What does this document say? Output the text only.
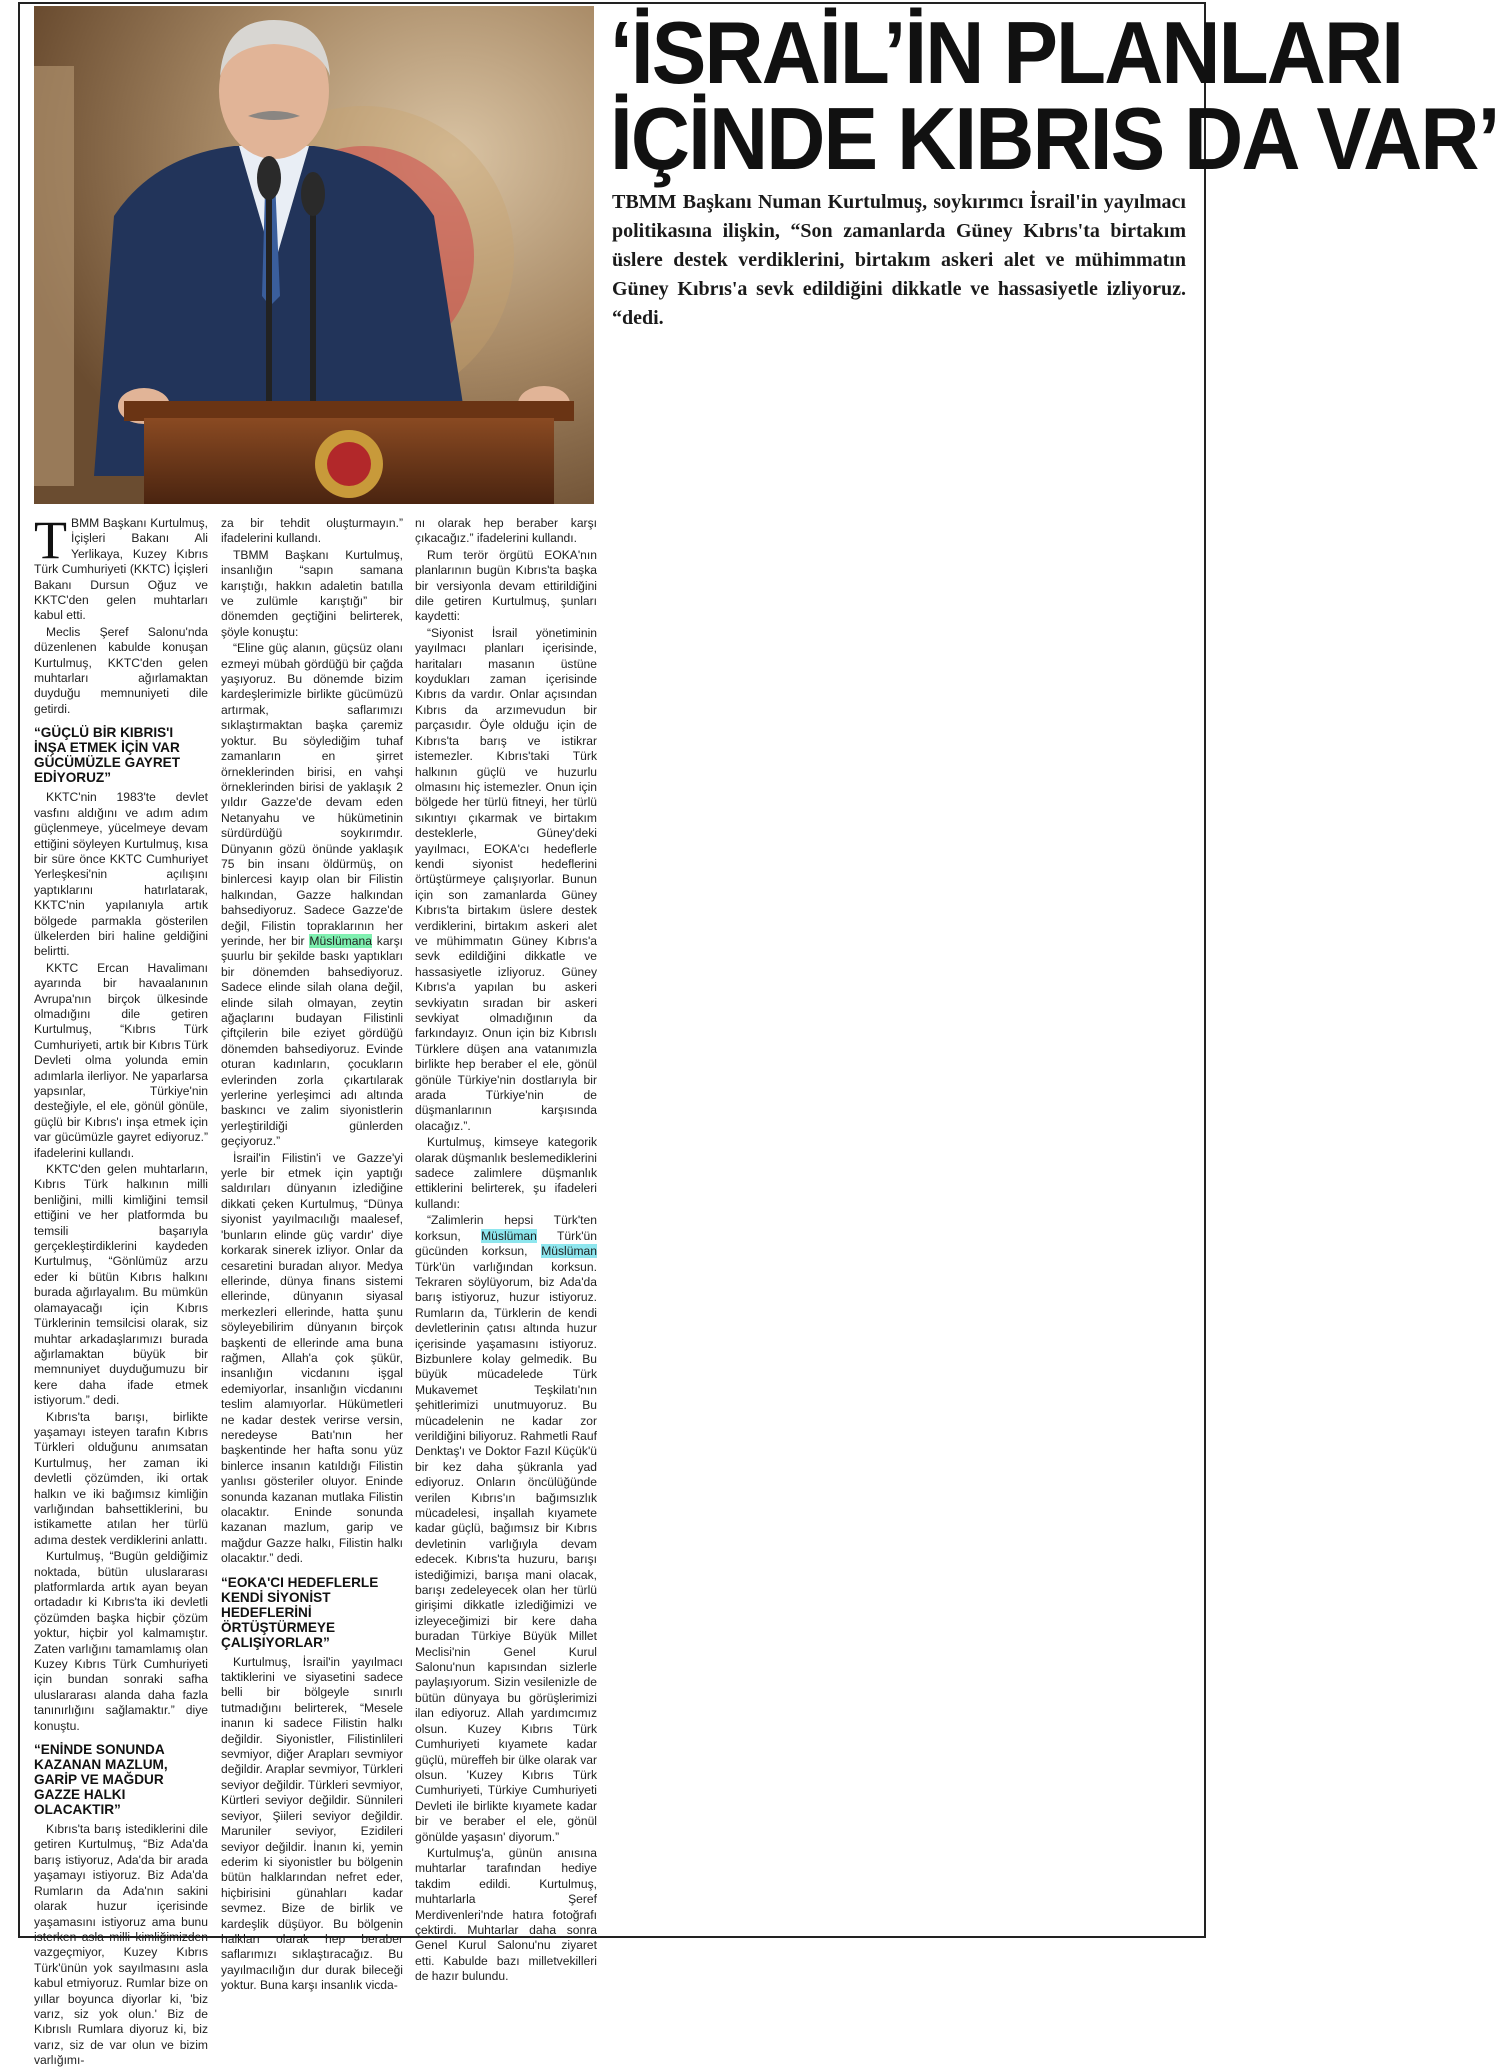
‘İSRAİL’İN PLANLARI
İÇİNDE KIBRIS DA VAR’
TBMM Başkanı Numan Kurtulmuş, soykırımcı İsrail'in yayılmacı politikasına ilişkin, “Son zamanlarda Güney Kıbrıs'ta birtakım üslere destek verdiklerini, birtakım askeri alet ve mühimmatın Güney Kıbrıs'a sevk edildiğini dikkatle ve hassasiyetle izliyoruz. “dedi.

TBMM Başkanı Kurtulmuş, İçişleri Bakanı Ali Yerlikaya, Kuzey Kıbrıs Türk Cumhuriyeti (KKTC) İçişleri Bakanı Dursun Oğuz ve KKTC'den gelen muhtarları kabul etti.

Meclis Şeref Salonu'nda düzenlenen kabulde konuşan Kurtulmuş, KKTC'den gelen muhtarları ağırlamaktan duyduğu memnuniyeti dile getirdi.

“GÜÇLÜ BİR KIBRIS'I İNŞA ETMEK İÇİN VAR GÜCÜMÜZLE GAYRET EDİYORUZ”

KKTC'nin 1983'te devlet vasfını aldığını ve adım adım güçlenmeye, yücelmeye devam ettiğini söyleyen Kurtulmuş, kısa bir süre önce KKTC Cumhuriyet Yerleşkesi'nin açılışını yaptıklarını hatırlatarak, KKTC'nin yapılanıyla artık bölgede parmakla gösterilen ülkelerden biri haline geldiğini belirtti.

KKTC Ercan Havalimanı ayarında bir havaalanının Avrupa'nın birçok ülkesinde olmadığını dile getiren Kurtulmuş, “Kıbrıs Türk Cumhuriyeti, artık bir Kıbrıs Türk Devleti olma yolunda emin adımlarla ilerliyor. Ne yaparlarsa yapsınlar, Türkiye'nin desteğiyle, el ele, gönül gönüle, güçlü bir Kıbrıs'ı inşa etmek için var gücümüzle gayret ediyoruz.” ifadelerini kullandı.

KKTC'den gelen muhtarların, Kıbrıs Türk halkının milli benliğini, milli kimliğini temsil ettiğini ve her platformda bu temsili başarıyla gerçekleştirdiklerini kaydeden Kurtulmuş, “Gönlümüz arzu eder ki bütün Kıbrıs halkını burada ağırlayalım. Bu mümkün olamayacağı için Kıbrıs Türklerinin temsilcisi olarak, siz muhtar arkadaşlarımızı burada ağırlamaktan büyük bir memnuniyet duyduğumuzu bir kere daha ifade etmek istiyorum.” dedi.

Kıbrıs'ta barışı, birlikte yaşamayı isteyen tarafın Kıbrıs Türkleri olduğunu anımsatan Kurtulmuş, her zaman iki devletli çözümden, iki ortak halkın ve iki bağımsız kimliğin varlığından bahsettiklerini, bu istikamette atılan her türlü adıma destek verdiklerini anlattı.

Kurtulmuş, “Bugün geldiğimiz noktada, bütün uluslararası platformlarda artık ayan beyan ortadadır ki Kıbrıs'ta iki devletli çözümden başka hiçbir çözüm yoktur, hiçbir yol kalmamıştır. Zaten varlığını tamamlamış olan Kuzey Kıbrıs Türk Cumhuriyeti için bundan sonraki safha uluslararası alanda daha fazla tanınırlığını sağlamaktır.” diye konuştu.

“ENİNDE SONUNDA KAZANAN MAZLUM, GARİP VE MAĞDUR GAZZE HALKI OLACAKTIR”

Kıbrıs'ta barış istediklerini dile getiren Kurtulmuş, “Biz Ada'da barış istiyoruz, Ada'da bir arada yaşamayı istiyoruz. Biz Ada'da Rumların da Ada'nın sakini olarak huzur içerisinde yaşamasını istiyoruz ama bunu isterken asla milli kimliğimizden vazgeçmiyor, Kuzey Kıbrıs Türk'ünün yok sayılmasını asla kabul etmiyoruz. Rumlar bize on yıllar boyunca diyorlar ki, 'biz varız, siz yok olun.' Biz de Kıbrıslı Rumlara diyoruz ki, biz varız, siz de var olun ve bizim varlığımı-

za bir tehdit oluşturmayın.” ifadelerini kullandı.

TBMM Başkanı Kurtulmuş, insanlığın “sapın samana karıştığı, hakkın adaletin batılla ve zulümle karıştığı” bir dönemden geçtiğini belirterek, şöyle konuştu:

“Eline güç alanın, güçsüz olanı ezmeyi mübah gördüğü bir çağda yaşıyoruz. Bu dönemde bizim kardeşlerimizle birlikte gücümüzü artırmak, saflarımızı sıklaştırmaktan başka çaremiz yoktur. Bu söylediğim tuhaf zamanların en şirret örneklerinden birisi, en vahşi örneklerinden birisi de yaklaşık 2 yıldır Gazze'de devam eden Netanyahu ve hükümetinin sürdürdüğü soykırımdır. Dünyanın gözü önünde yaklaşık 75 bin insanı öldürmüş, on binlercesi kayıp olan bir Filistin halkından, Gazze halkından bahsediyoruz. Sadece Gazze'de değil, Filistin topraklarının her yerinde, her bir Müslümana karşı şuurlu bir şekilde baskı yaptıkları bir dönemden bahsediyoruz. Sadece elinde silah olana değil, elinde silah olmayan, zeytin ağaçlarını budayan Filistinli çiftçilerin bile eziyet gördüğü dönemden bahsediyoruz. Evinde oturan kadınların, çocukların evlerinden zorla çıkartılarak yerlerine yerleşimci adı altında baskıncı ve zalim siyonistlerin yerleştirildiği günlerden geçiyoruz.”

İsrail'in Filistin'i ve Gazze'yi yerle bir etmek için yaptığı saldırıları dünyanın izlediğine dikkati çeken Kurtulmuş, “Dünya siyonist yayılmacılığı maalesef, 'bunların elinde güç vardır' diye korkarak sinerek izliyor. Onlar da cesaretini buradan alıyor. Medya ellerinde, dünya finans sistemi ellerinde, dünyanın siyasal merkezleri ellerinde, hatta şunu söyleyebilirim dünyanın birçok başkenti de ellerinde ama buna rağmen, Allah'a çok şükür, insanlığın vicdanını işgal edemiyorlar, insanlığın vicdanını teslim alamıyorlar. Hükümetleri ne kadar destek verirse versin, neredeyse Batı'nın her başkentinde her hafta sonu yüz binlerce insanın katıldığı Filistin yanlısı gösteriler oluyor. Eninde sonunda kazanan mutlaka Filistin olacaktır. Eninde sonunda kazanan mazlum, garip ve mağdur Gazze halkı, Filistin halkı olacaktır.” dedi.

“EOKA'CI HEDEFLERLE KENDİ SİYONİST HEDEFLERİNİ ÖRTÜŞTÜRMEYE ÇALIŞIYORLAR”

Kurtulmuş, İsrail'in yayılmacı taktiklerini ve siyasetini sadece belli bir bölgeyle sınırlı tutmadığını belirterek, “Mesele inanın ki sadece Filistin halkı değildir. Siyonistler, Filistinlileri sevmiyor, diğer Arapları sevmiyor değildir. Araplar sevmiyor, Türkleri seviyor değildir. Türkleri sevmiyor, Kürtleri seviyor değildir. Sünnileri seviyor, Şiileri seviyor değildir. Maruniler seviyor, Ezidileri seviyor değildir. İnanın ki, yemin ederim ki siyonistler bu bölgenin bütün halklarından nefret eder, hiçbirisini günahları kadar sevmez. Bize de birlik ve kardeşlik düşüyor. Bu bölgenin halkları olarak hep beraber saflarımızı sıklaştıracağız. Bu yayılmacılığın dur durak bileceği yoktur. Buna karşı insanlık vicda-

nı olarak hep beraber karşı çıkacağız.” ifadelerini kullandı.

Rum terör örgütü EOKA'nın planlarının bugün Kıbrıs'ta başka bir versiyonla devam ettirildiğini dile getiren Kurtulmuş, şunları kaydetti:

“Siyonist İsrail yönetiminin yayılmacı planları içerisinde, haritaları masanın üstüne koydukları zaman içerisinde Kıbrıs da vardır. Onlar açısından Kıbrıs da arzımevudun bir parçasıdır. Öyle olduğu için de Kıbrıs'ta barış ve istikrar istemezler. Kıbrıs'taki Türk halkının güçlü ve huzurlu olmasını hiç istemezler. Onun için bölgede her türlü fitneyi, her türlü sıkıntıyı çıkarmak ve birtakım desteklerle, Güney'deki yayılmacı, EOKA'cı hedeflerle kendi siyonist hedeflerini örtüştürmeye çalışıyorlar. Bunun için son zamanlarda Güney Kıbrıs'ta birtakım üslere destek verdiklerini, birtakım askeri alet ve mühimmatın Güney Kıbrıs'a sevk edildiğini dikkatle ve hassasiyetle izliyoruz. Güney Kıbrıs'a yapılan bu askeri sevkiyatın sıradan bir askeri sevkiyat olmadığının da farkındayız. Onun için biz Kıbrıslı Türklere düşen ana vatanımızla birlikte hep beraber el ele, gönül gönüle Türkiye'nin dostlarıyla bir arada Türkiye'nin de düşmanlarının karşısında olacağız.”.

Kurtulmuş, kimseye kategorik olarak düşmanlık beslemediklerini sadece zalimlere düşmanlık ettiklerini belirterek, şu ifadeleri kullandı:

“Zalimlerin hepsi Türk'ten korksun, Müslüman Türk'ün gücünden korksun, Müslüman Türk'ün varlığından korksun. Tekraren söylüyorum, biz Ada'da barış istiyoruz, huzur istiyoruz. Rumların da, Türklerin de kendi devletlerinin çatısı altında huzur içerisinde yaşamasını istiyoruz. Bizbunlere kolay gelmedik. Bu büyük mücadelede Türk Mukavemet Teşkilatı'nın şehitlerimizi unutmuyoruz. Bu mücadelenin ne kadar zor verildiğini biliyoruz. Rahmetli Rauf Denktaş'ı ve Doktor Fazıl Küçük'ü bir kez daha şükranla yad ediyoruz. Onların öncülüğünde verilen Kıbrıs'ın bağımsızlık mücadelesi, inşallah kıyamete kadar güçlü, bağımsız bir Kıbrıs devletinin varlığıyla devam edecek. Kıbrıs'ta huzuru, barışı istediğimizi, barışa mani olacak, barışı zedeleyecek olan her türlü girişimi dikkatle izlediğimizi ve izleyeceğimizi bir kere daha buradan Türkiye Büyük Millet Meclisi'nin Genel Kurul Salonu'nun kapısından sizlerle paylaşıyorum. Sizin vesilenizle de bütün dünyaya bu görüşlerimizi ilan ediyoruz. Allah yardımcımız olsun. Kuzey Kıbrıs Türk Cumhuriyeti kıyamete kadar güçlü, müreffeh bir ülke olarak var olsun. 'Kuzey Kıbrıs Türk Cumhuriyeti, Türkiye Cumhuriyeti Devleti ile birlikte kıyamete kadar bir ve beraber el ele, gönül gönülde yaşasın' diyorum.”

Kurtulmuş'a, günün anısına muhtarlar tarafından hediye takdim edildi. Kurtulmuş, muhtarlarla Şeref Merdivenleri'nde hatıra fotoğrafı çektirdi. Muhtarlar daha sonra Genel Kurul Salonu'nu ziyaret etti. Kabulde bazı milletvekilleri de hazır bulundu.
